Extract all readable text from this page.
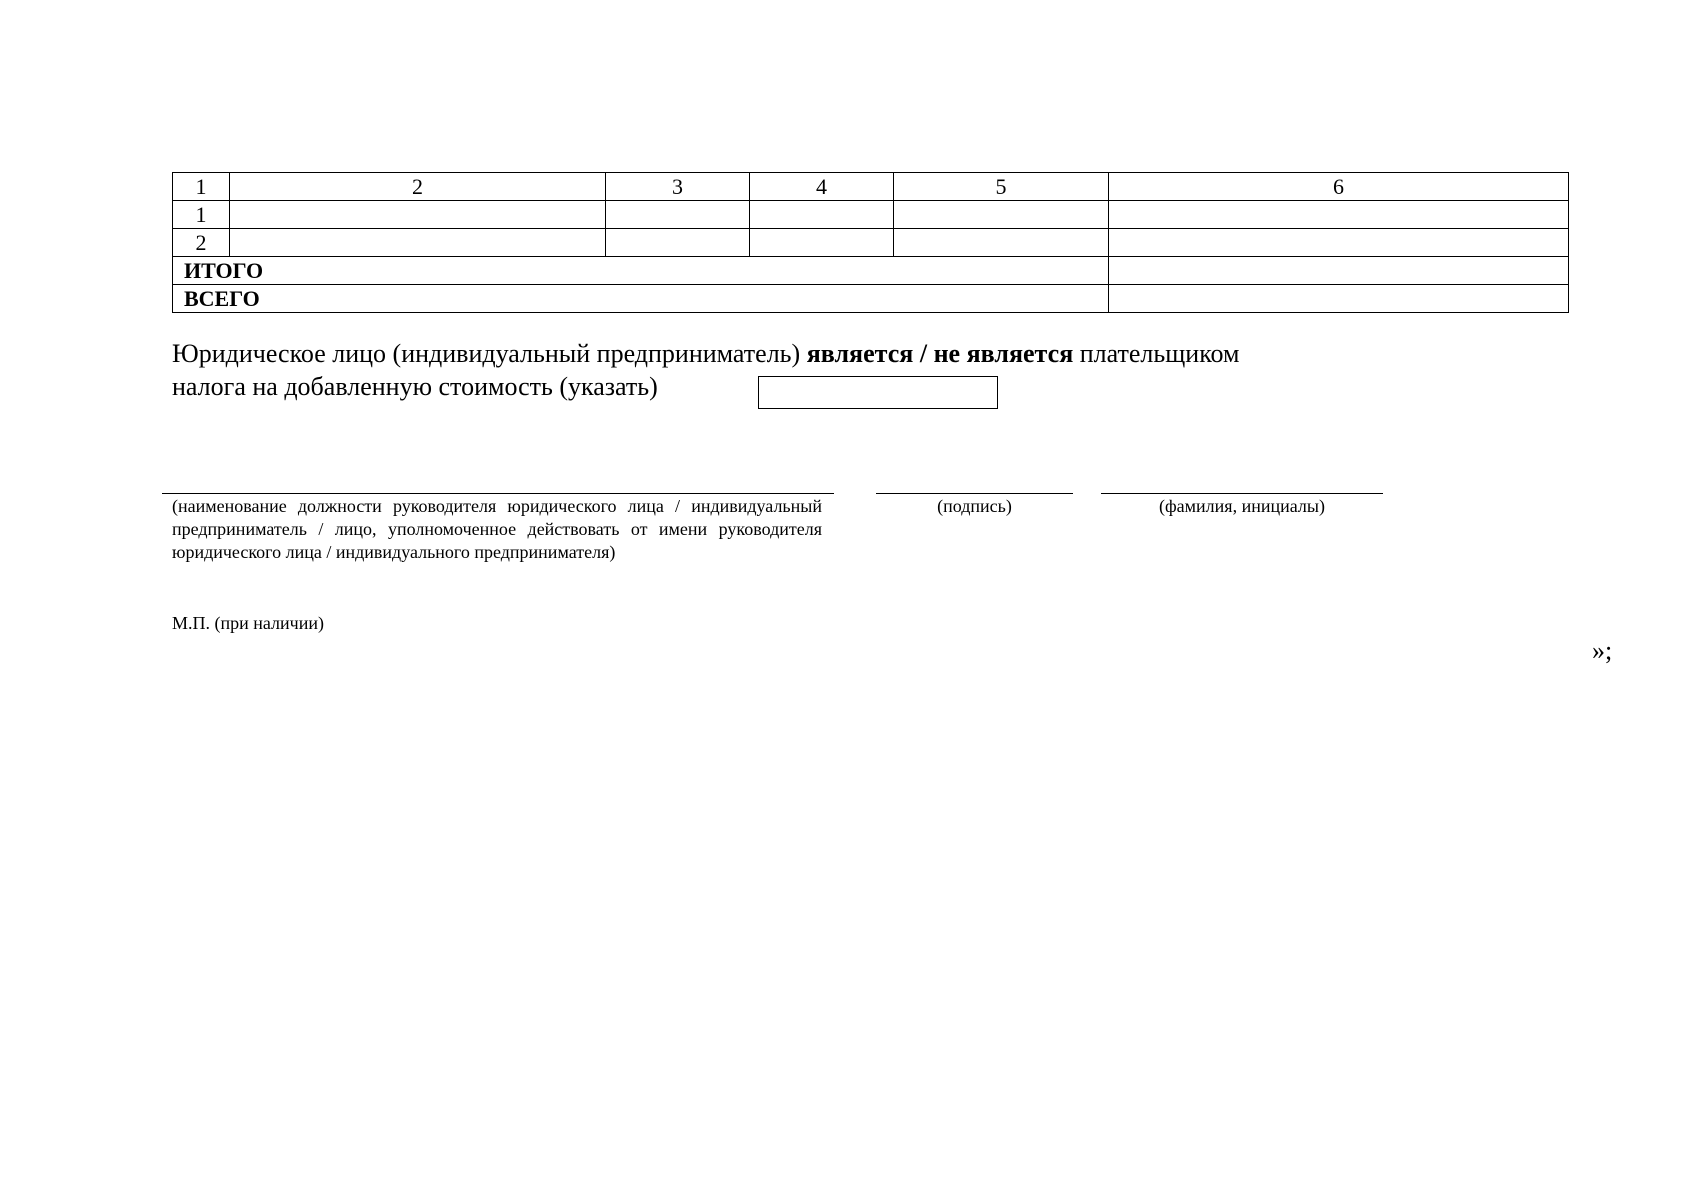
1	2	3	4	5	6
1					
2					
ИТОГО					
ВСЕГО					

Юридическое лицо (индивидуальный предприниматель) является / не является плательщиком
налога на добавленную стоимость (указать)

(наименование должности руководителя юридического лица / индивидуальный предприниматель / лицо, уполномоченное действовать от имени руководителя юридического лица / индивидуального предпринимателя)
(подпись)	(фамилия, инициалы)
М.П. (при наличии)
»;
